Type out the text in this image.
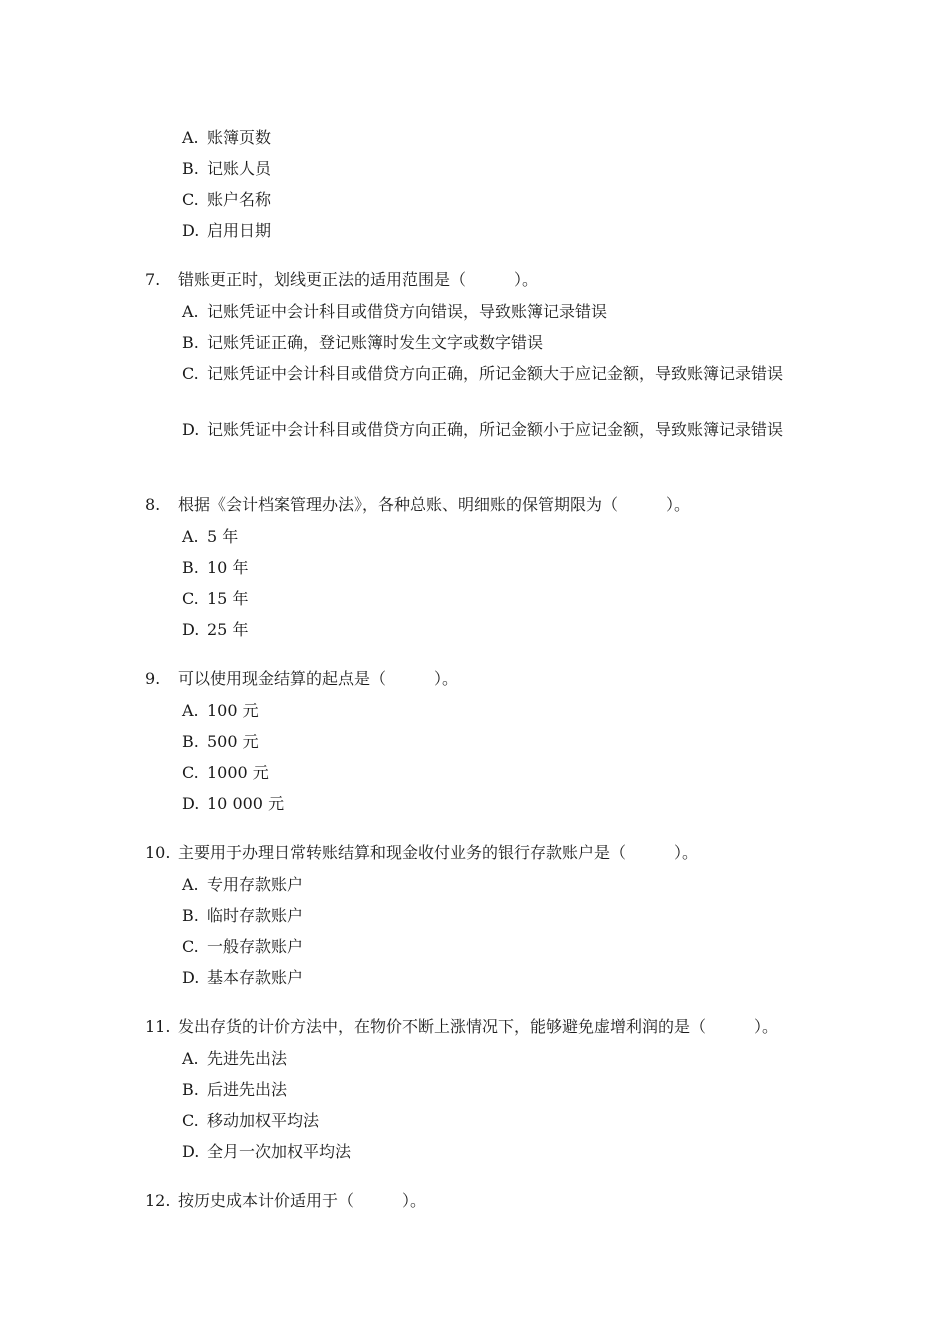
A. 账簿页数
B. 记账人员
C. 账户名称
D. 启用日期
7. 错账更正时，划线更正法的适用范围是（　　　）。
A. 记账凭证中会计科目或借贷方向错误，导致账簿记录错误
B. 记账凭证正确，登记账簿时发生文字或数字错误
C. 记账凭证中会计科目或借贷方向正确，所记金额大于应记金额，导致账簿记录错误
D. 记账凭证中会计科目或借贷方向正确，所记金额小于应记金额，导致账簿记录错误
8. 根据《会计档案管理办法》，各种总账、明细账的保管期限为（　　　）。
A. 5 年
B. 10 年
C. 15 年
D. 25 年
9. 可以使用现金结算的起点是（　　　）。
A. 100 元
B. 500 元
C. 1000 元
D. 10 000 元
10. 主要用于办理日常转账结算和现金收付业务的银行存款账户是（　　　）。
A. 专用存款账户
B. 临时存款账户
C. 一般存款账户
D. 基本存款账户
11. 发出存货的计价方法中，在物价不断上涨情况下，能够避免虚增利润的是（　　　）。
A. 先进先出法
B. 后进先出法
C. 移动加权平均法
D. 全月一次加权平均法
12. 按历史成本计价适用于（　　　）。
